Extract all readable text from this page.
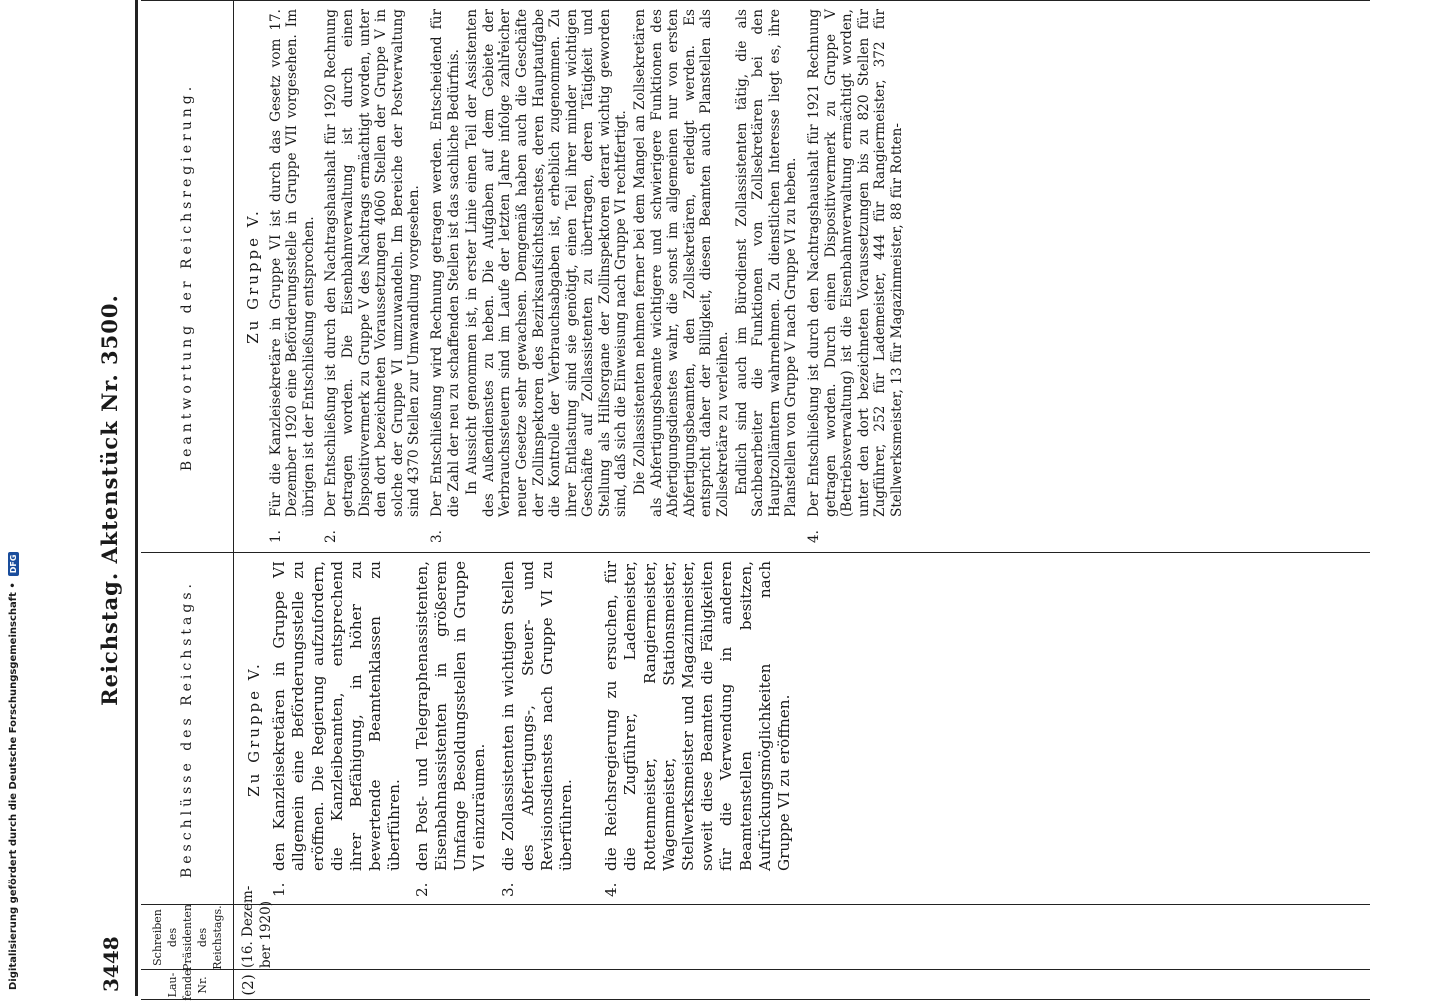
Digitalisierung gefördert durch die Deutsche Forschungsgemeinschaft •
DFG
3448
Reichstag. Aktenstück Nr. 3500.
Lau-
fende
Nr.
Schreiben
des
Präsidenten
des
Reichstags.
Beschlüsse des Reichstags.
Beantwortung der Reichsregierung.
(2)
(16. Dezem-
ber 1920)
Zu Gruppe V.
1.
den Kanzleisekretären in Gruppe VI allgemein eine Beförderungsstelle zu eröffnen. Die Regierung aufzufordern, die Kanzleibeamten, entsprechend ihrer Befähigung, in höher zu bewertende Beamtenklassen zu überführen.
2.
den Post- und Telegraphenassistenten, Eisenbahnassistenten in größerem Umfange Besoldungsstellen in Gruppe VI einzuräumen.
3.
die Zollassistenten in wichtigen Stellen des Abfertigungs-, Steuer- und Revisionsdienstes nach Gruppe VI zu überführen.
4.
die Reichsregierung zu ersuchen, für die Zugführer, Lademeister, Rottenmeister, Rangiermeister, Wagenmeister, Stationsmeister, Stellwerksmeister und Magazinmeister, soweit diese Beamten die Fähigkeiten für die Verwendung in anderen Beamtenstellen besitzen, Aufrückungsmöglichkeiten nach Gruppe VI zu eröffnen.
Zu Gruppe V.
1.

Für die Kanzleisekretäre in Gruppe VI ist durch das Gesetz vom 17. Dezember 1920 eine Beförderungsstelle in Gruppe VII vorgesehen. Im übrigen ist der Entschließung entsprochen.

2.

Der Entschließung ist durch den Nachtragshaushalt für 1920 Rechnung getragen worden. Die Eisenbahnverwaltung ist durch einen Dispositivvermerk zu Gruppe V des Nachtrags ermächtigt worden, unter den dort bezeichneten Voraussetzungen 4060 Stellen der Gruppe V in solche der Gruppe VI umzuwandeln. Im Bereiche der Postverwaltung sind 4370 Stellen zur Umwandlung vorgesehen.

3.

Der Entschließung wird Rechnung getragen werden. Entscheidend für die Zahl der neu zu schaffenden Stellen ist das sachliche Bedürfnis. In Aussicht genommen ist, in erster Linie einen Teil der Assistenten des Außendienstes zu heben. Die Aufgaben auf dem Gebiete der Verbrauchssteuern sind im Laufe der letzten Jahre infolge zahlreicher neuer Gesetze sehr gewachsen. Demgemäß haben auch die Geschäfte der Zollinspektoren des Bezirksaufsichtsdienstes, deren Hauptaufgabe die Kontrolle der Verbrauchsabgaben ist, erheblich zugenommen. Zu ihrer Entlastung sind sie genötigt, einen Teil ihrer minder wichtigen Geschäfte auf Zollassistenten zu übertragen, deren Tätigkeit und Stellung als Hilfsorgane der Zollinspektoren derart wichtig geworden sind, daß sich die Einweisung nach Gruppe VI rechtfertigt. Die Zollassistenten nehmen ferner bei dem Mangel an Zollsekretären als Abfertigungsbeamte wichtigere und schwierigere Funktionen des Abfertigungsdienstes wahr, die sonst im allgemeinen nur von ersten Abfertigungsbeamten, den Zollsekretären, erledigt werden. Es entspricht daher der Billigkeit, diesen Beamten auch Planstellen als Zollsekretäre zu verleihen. Endlich sind auch im Bürodienst Zollassistenten tätig, die als Sachbearbeiter die Funktionen von Zollsekretären bei den Hauptzollämtern wahrnehmen. Zu dienstlichen Interesse liegt es, ihre Planstellen von Gruppe V nach Gruppe VI zu heben.

4.

Der Entschließung ist durch den Nachtragshaushalt für 1921 Rechnung getragen worden. Durch einen Dispositivvermerk zu Gruppe V (Betriebsverwaltung) ist die Eisenbahnverwaltung ermächtigt worden, unter den dort bezeichneten Voraussetzungen bis zu 820 Stellen für Zugführer, 252 für Lademeister, 444 für Rangiermeister, 372 für Stellwerksmeister, 13 für Magazinmeister, 88 für Rotten-
